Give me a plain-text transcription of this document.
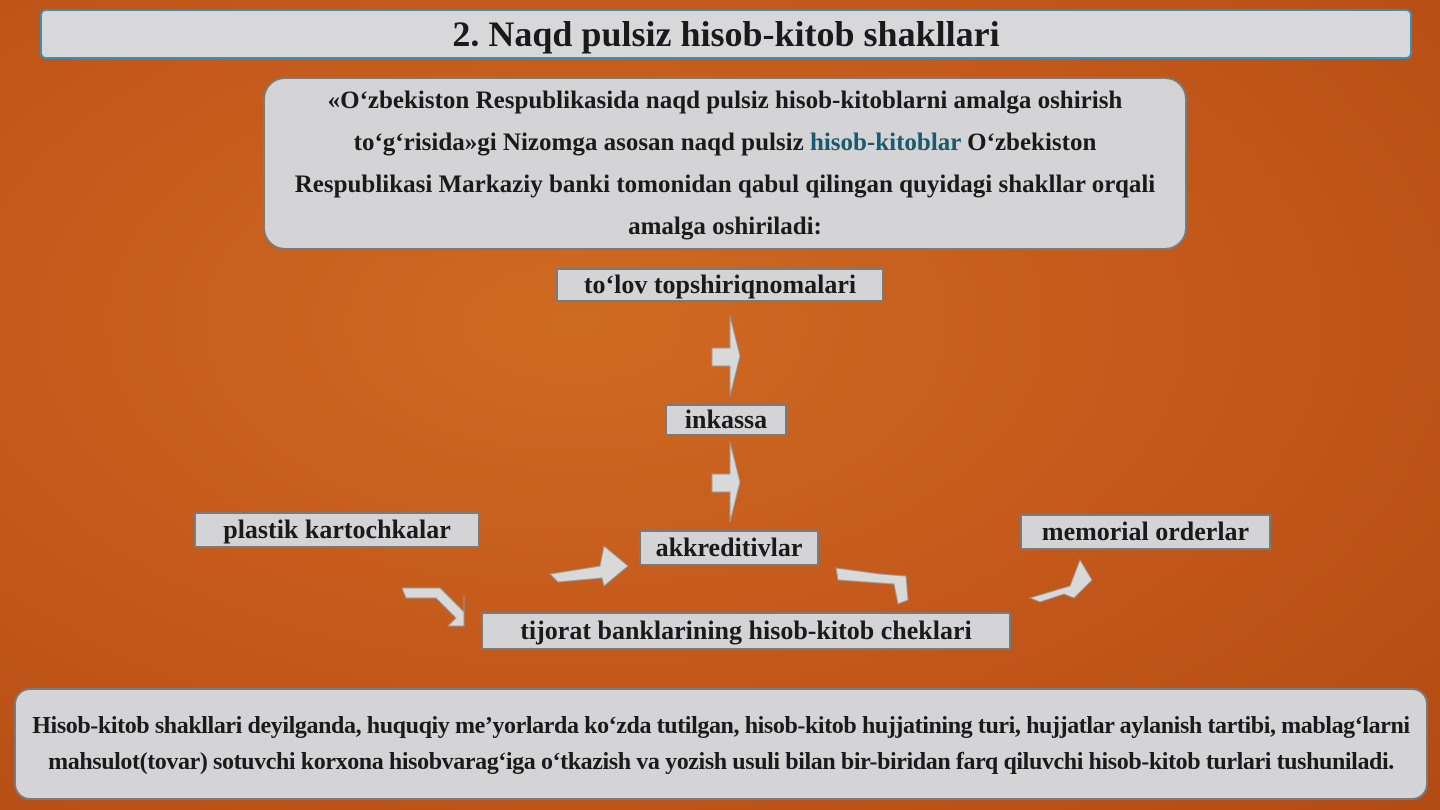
2. Naqd pulsiz hisob-kitob shakllari
«O‘zbekiston Respublikasida naqd pulsiz hisob-kitoblarni amalga oshirish to‘g‘risida»gi Nizomga asosan naqd pulsiz hisob-kitoblar O‘zbekiston Respublikasi Markaziy banki tomonidan qabul qilingan quyidagi shakllar orqali amalga oshiriladi:
to‘lov topshiriqnomalari
inkassa
plastik kartochkalar
akkreditivlar
memorial orderlar
tijorat banklarining hisob-kitob cheklari
Hisob-kitob shakllari deyilganda, huquqiy me’yorlarda ko‘zda tutilgan, hisob-kitob hujjatining turi, hujjatlar aylanish tartibi, mablag‘larni mahsulot(tovar) sotuvchi korxona hisobvarag‘iga o‘tkazish va yozish usuli bilan bir-biridan farq qiluvchi hisob-kitob turlari tushuniladi.
